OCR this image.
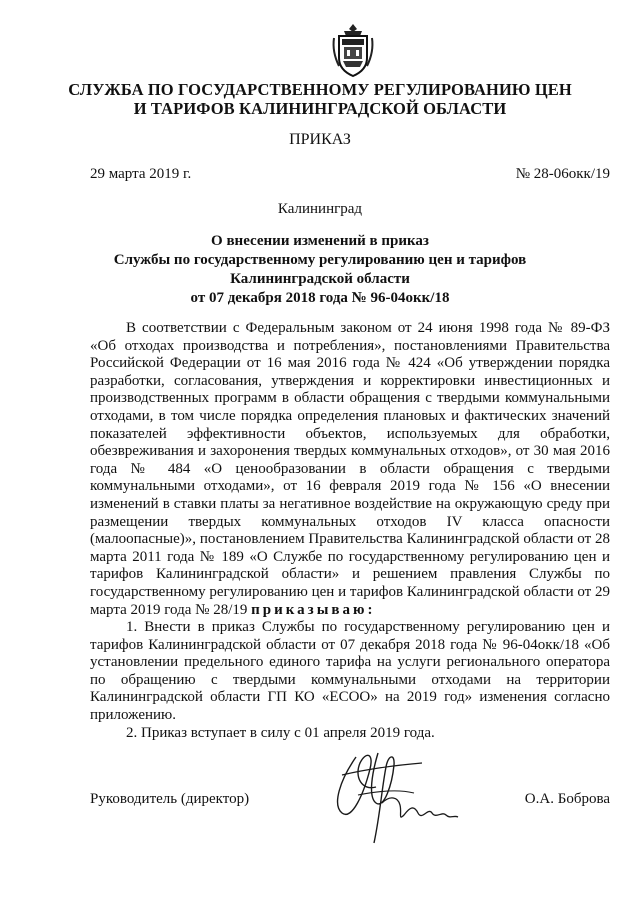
СЛУЖБА ПО ГОСУДАРСТВЕННОМУ РЕГУЛИРОВАНИЮ ЦЕН
И ТАРИФОВ КАЛИНИНГРАДСКОЙ ОБЛАСТИ
ПРИКАЗ
29 марта 2019 г.	№ 28-06окк/19
Калининград
О внесении изменений в приказ
Службы по государственному регулированию цен и тарифов
Калининградской области
от 07 декабря 2018 года № 96-04окк/18

В соответствии с Федеральным законом от 24 июня 1998 года № 89-ФЗ «Об отходах производства и потребления», постановлениями Правительства Российской Федерации от 16 мая 2016 года № 424 «Об утверждении порядка разработки, согласования, утверждения и корректировки инвестиционных и производственных программ в области обращения с твердыми коммунальными отходами, в том числе порядка определения плановых и фактических значений показателей эффективности объектов, используемых для обработки, обезвреживания и захоронения твердых коммунальных отходов», от 30 мая 2016 года № 484 «О ценообразовании в области обращения с твердыми коммунальными отходами», от 16 февраля 2019 года № 156 «О внесении изменений в ставки платы за негативное воздействие на окружающую среду при размещении твердых коммунальных отходов IV класса опасности (малоопасные)», постановлением Правительства Калининградской области от 28 марта 2011 года № 189 «О Службе по государственному регулированию цен и тарифов Калининградской области» и решением правления Службы по государственному регулированию цен и тарифов Калининградской области от 29 марта 2019 года № 28/19 приказываю:

1. Внести в приказ Службы по государственному регулированию цен и тарифов Калининградской области от 07 декабря 2018 года № 96-04окк/18 «Об установлении предельного единого тарифа на услуги регионального оператора по обращению с твердыми коммунальными отходами на территории Калининградской области ГП КО «ЕСОО» на 2019 год» изменения согласно приложению.

2. Приказ вступает в силу с 01 апреля 2019 года.

Руководитель (директор)	О.А. Боброва
